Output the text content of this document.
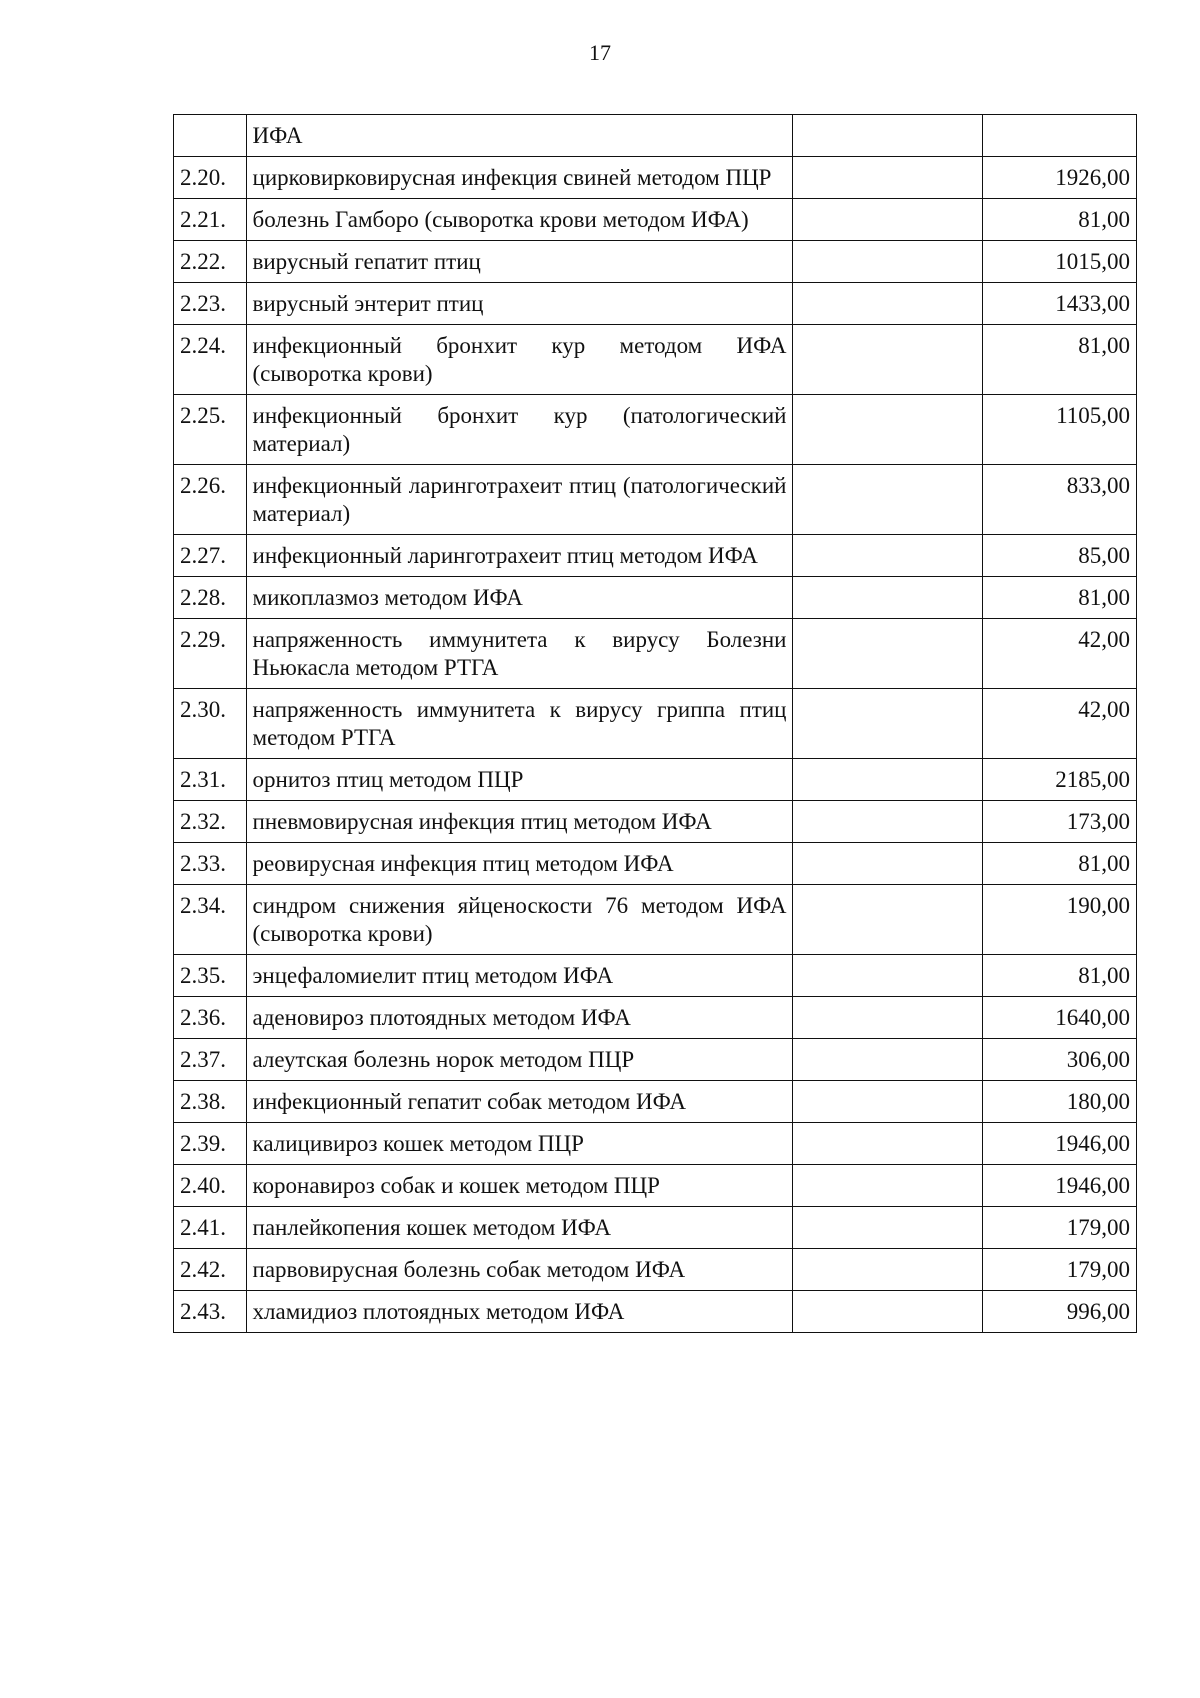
17
	ИФА		
2.20.	цирковирковирусная инфекция свиней методом ПЦР		1926,00
2.21.	болезнь Гамборо (сыворотка крови методом ИФА)		81,00
2.22.	вирусный гепатит птиц		1015,00
2.23.	вирусный энтерит птиц		1433,00
2.24.	инфекционный бронхит кур методом ИФА (сыворотка крови)		81,00
2.25.	инфекционный бронхит кур (патологический материал)		1105,00
2.26.	инфекционный ларинготрахеит птиц (патологический материал)		833,00
2.27.	инфекционный ларинготрахеит птиц методом ИФА		85,00
2.28.	микоплазмоз методом ИФА		81,00
2.29.	напряженность иммунитета к вирусу Болезни Ньюкасла методом РТГА		42,00
2.30.	напряженность иммунитета к вирусу гриппа птиц методом РТГА		42,00
2.31.	орнитоз птиц методом ПЦР		2185,00
2.32.	пневмовирусная инфекция птиц методом ИФА		173,00
2.33.	реовирусная инфекция птиц методом ИФА		81,00
2.34.	синдром снижения яйценоскости 76 методом ИФА (сыворотка крови)		190,00
2.35.	энцефаломиелит птиц методом ИФА		81,00
2.36.	аденовироз плотоядных методом ИФА		1640,00
2.37.	алеутская болезнь норок методом ПЦР		306,00
2.38.	инфекционный гепатит собак методом ИФА		180,00
2.39.	калицивироз кошек методом ПЦР		1946,00
2.40.	коронавироз собак и кошек методом ПЦР		1946,00
2.41.	панлейкопения кошек методом ИФА		179,00
2.42.	парвовирусная болезнь собак методом ИФА		179,00
2.43.	хламидиоз плотоядных методом ИФА		996,00
